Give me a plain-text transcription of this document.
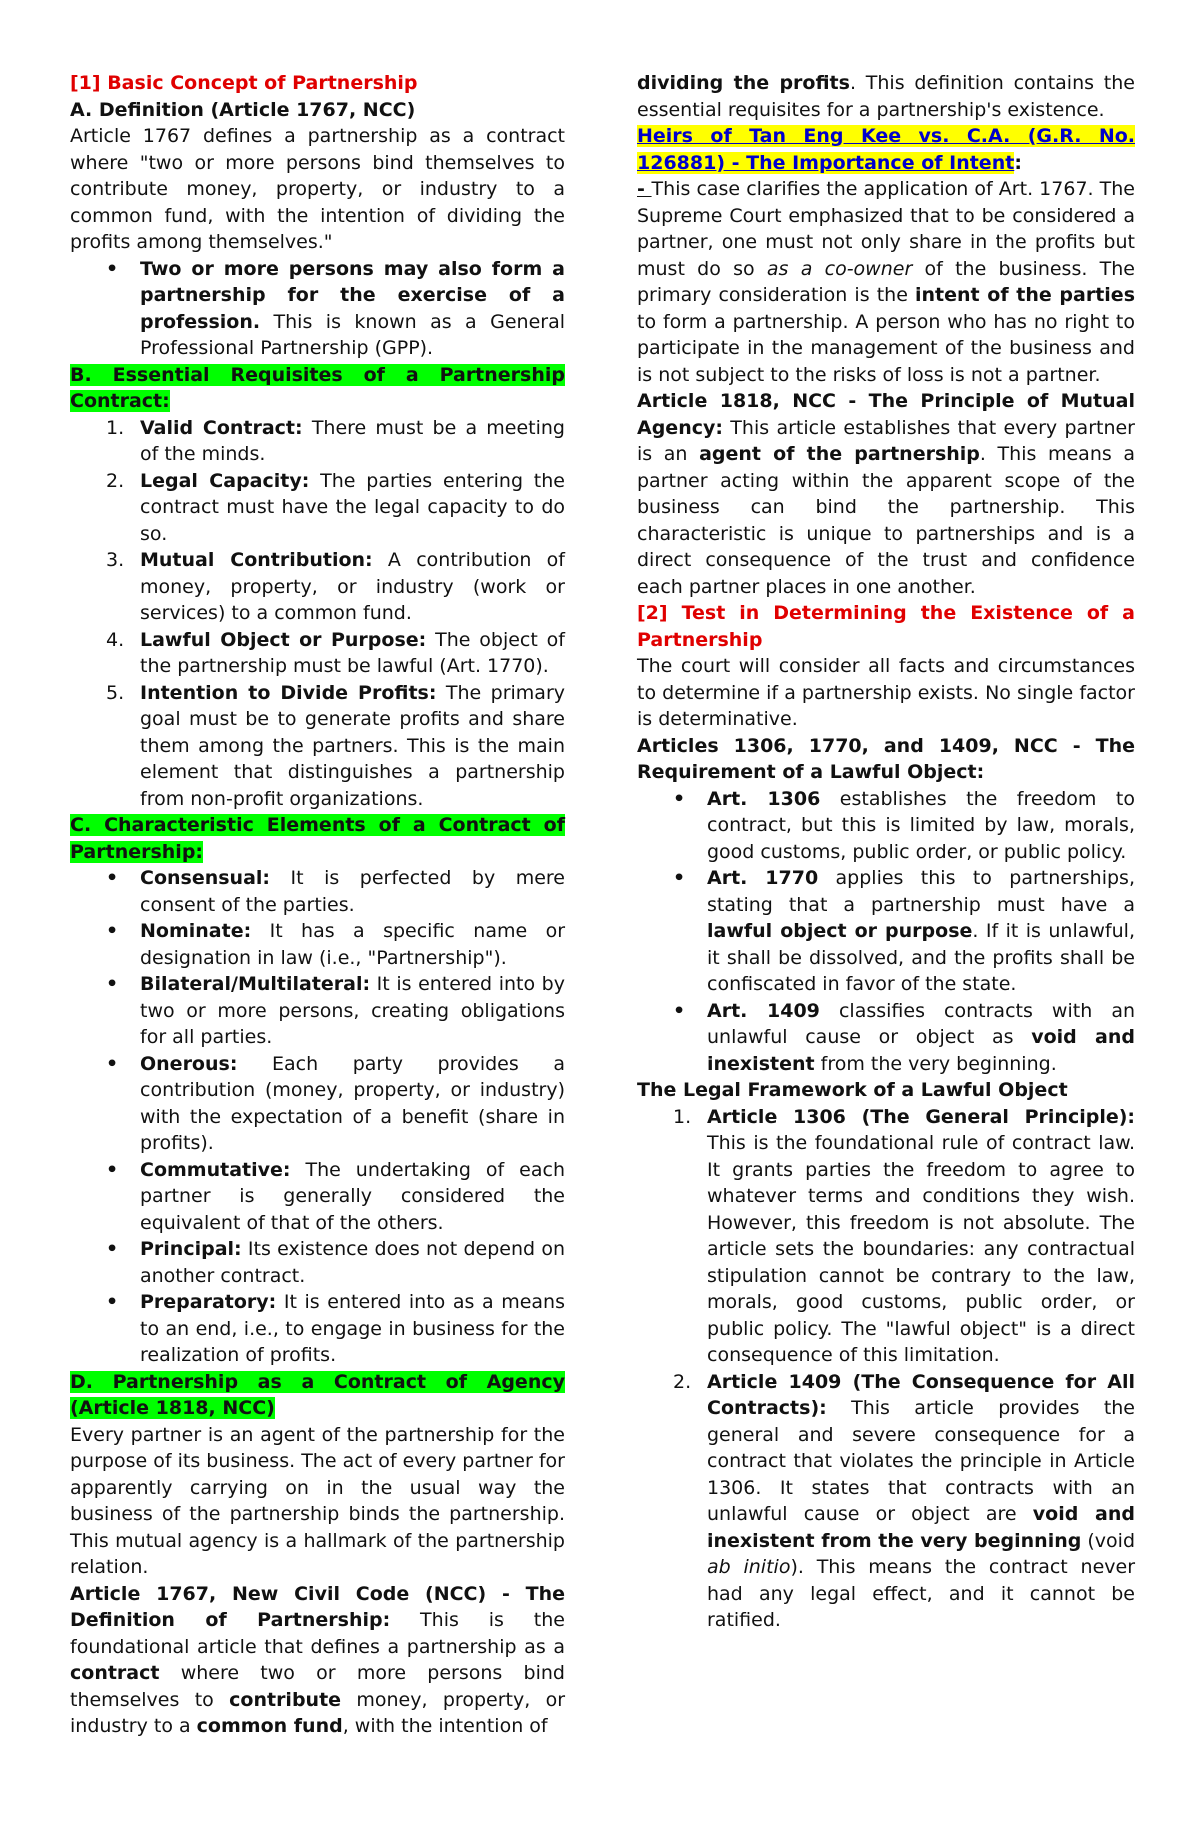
[1] Basic Concept of Partnership

A. Definition (Article 1767, NCC)

Article 1767 defines a partnership as a contract where "two or more persons bind themselves to contribute money, property, or industry to a common fund, with the intention of dividing the profits among themselves."

• Two or more persons may also form a partnership for the exercise of a profession. This is known as a General Professional Partnership (GPP).

B. Essential Requisites of a Partnership Contract:

1. Valid Contract: There must be a meeting of the minds.
2. Legal Capacity: The parties entering the contract must have the legal capacity to do so.
3. Mutual Contribution: A contribution of money, property, or industry (work or services) to a common fund.
4. Lawful Object or Purpose: The object of the partnership must be lawful (Art. 1770).
5. Intention to Divide Profits: The primary goal must be to generate profits and share them among the partners. This is the main element that distinguishes a partnership from non-profit organizations.

C. Characteristic Elements of a Contract of Partnership:

• Consensual: It is perfected by mere consent of the parties.
• Nominate: It has a specific name or designation in law (i.e., "Partnership").
• Bilateral/Multilateral: It is entered into by two or more persons, creating obligations for all parties.
• Onerous: Each party provides a contribution (money, property, or industry) with the expectation of a benefit (share in profits).
• Commutative: The undertaking of each partner is generally considered the equivalent of that of the others.
• Principal: Its existence does not depend on another contract.
• Preparatory: It is entered into as a means to an end, i.e., to engage in business for the realization of profits.

D. Partnership as a Contract of Agency (Article 1818, NCC)

Every partner is an agent of the partnership for the purpose of its business. The act of every partner for apparently carrying on in the usual way the business of the partnership binds the partnership. This mutual agency is a hallmark of the partnership relation.

Article 1767, New Civil Code (NCC) - The Definition of Partnership: This is the foundational article that defines a partnership as a contract where two or more persons bind themselves to contribute money, property, or industry to a common fund, with the intention of

dividing the profits. This definition contains the essential requisites for a partnership's existence.

Heirs of Tan Eng Kee vs. C.A. (G.R. No. 126881) - The Importance of Intent:

- This case clarifies the application of Art. 1767. The Supreme Court emphasized that to be considered a partner, one must not only share in the profits but must do so as a co-owner of the business. The primary consideration is the intent of the parties to form a partnership. A person who has no right to participate in the management of the business and is not subject to the risks of loss is not a partner.

Article 1818, NCC - The Principle of Mutual Agency: This article establishes that every partner is an agent of the partnership. This means a partner acting within the apparent scope of the business can bind the partnership. This characteristic is unique to partnerships and is a direct consequence of the trust and confidence each partner places in one another.

[2] Test in Determining the Existence of a Partnership

The court will consider all facts and circumstances to determine if a partnership exists. No single factor is determinative.

Articles 1306, 1770, and 1409, NCC - The Requirement of a Lawful Object:

• Art. 1306 establishes the freedom to contract, but this is limited by law, morals, good customs, public order, or public policy.
• Art. 1770 applies this to partnerships, stating that a partnership must have a lawful object or purpose. If it is unlawful, it shall be dissolved, and the profits shall be confiscated in favor of the state.
• Art. 1409 classifies contracts with an unlawful cause or object as void and inexistent from the very beginning.

The Legal Framework of a Lawful Object

1. Article 1306 (The General Principle): This is the foundational rule of contract law. It grants parties the freedom to agree to whatever terms and conditions they wish. However, this freedom is not absolute. The article sets the boundaries: any contractual stipulation cannot be contrary to the law, morals, good customs, public order, or public policy. The "lawful object" is a direct consequence of this limitation.
2. Article 1409 (The Consequence for All Contracts): This article provides the general and severe consequence for a contract that violates the principle in Article 1306. It states that contracts with an unlawful cause or object are void and inexistent from the very beginning (void ab initio). This means the contract never had any legal effect, and it cannot be ratified.
